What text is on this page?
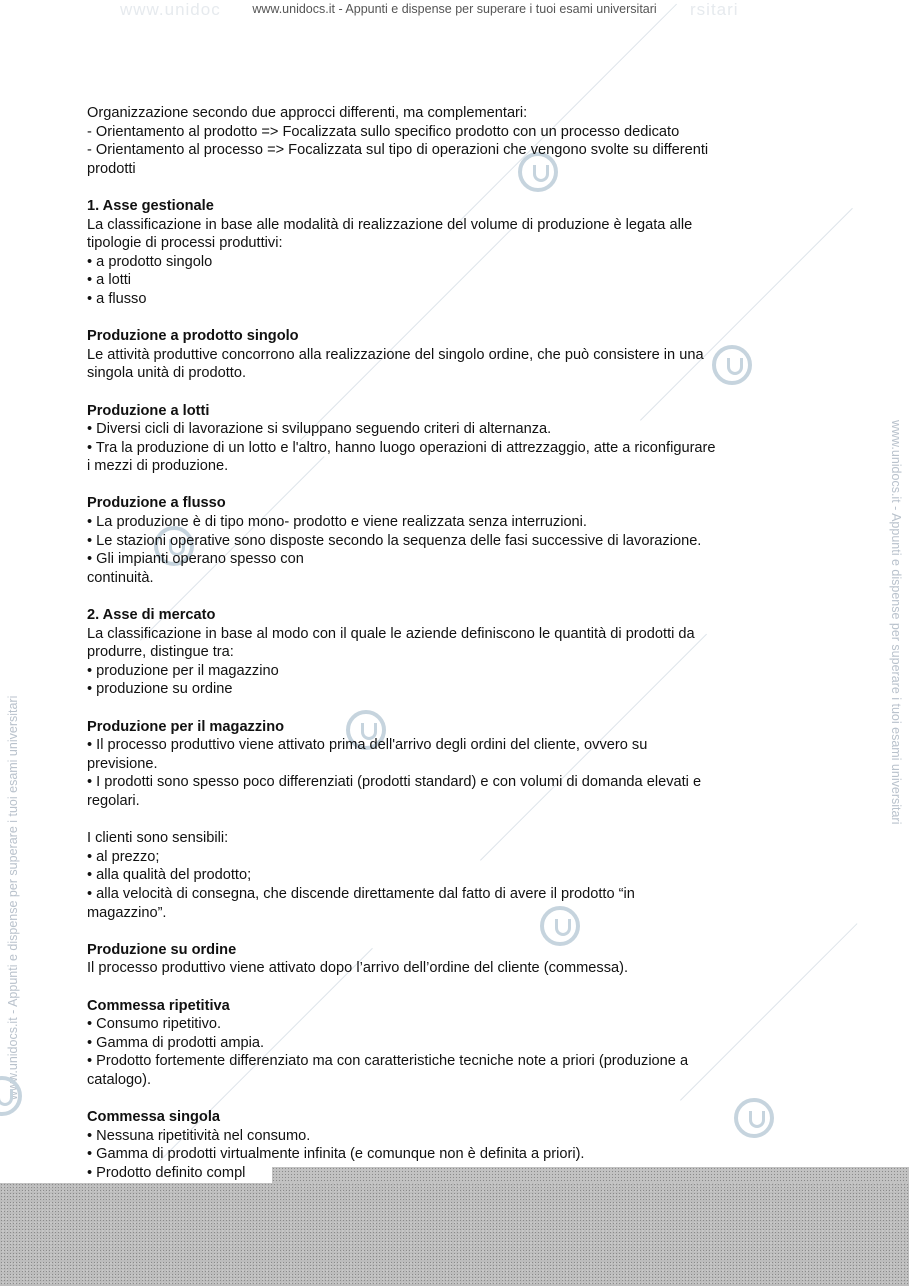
www.unidoc	rsitari
www.unidocs.it - Appunti e dispense per superare i tuoi esami universitari
www.unidocs.it - Appunti e dispense per superare i tuoi esami universitari
www.unidocs.it - Appunti e dispense per superare i tuoi esami universitari
Organizzazione secondo due approcci differenti, ma complementari:
- Orientamento al prodotto => Focalizzata sullo specifico prodotto con un processo dedicato
- Orientamento al processo => Focalizzata sul tipo di operazioni che vengono svolte su differenti
prodotti
1. Asse gestionale
La classificazione in base alle modalità di realizzazione del volume di produzione è legata alle
tipologie di processi produttivi:
• a prodotto singolo
• a lotti
• a flusso
Produzione a prodotto singolo
Le attività produttive concorrono alla realizzazione del singolo ordine, che può consistere in una
singola unità di prodotto.
Produzione a lotti
• Diversi cicli di lavorazione si sviluppano seguendo criteri di alternanza.
• Tra la produzione di un lotto e l'altro, hanno luogo operazioni di attrezzaggio, atte a riconfigurare
i mezzi di produzione.
Produzione a flusso
• La produzione è di tipo mono- prodotto e viene realizzata senza interruzioni.
• Le stazioni operative sono disposte secondo la sequenza delle fasi successive di lavorazione.
• Gli impianti operano spesso con
continuità.
2. Asse di mercato
La classificazione in base al modo con il quale le aziende definiscono le quantità di prodotti da
produrre, distingue tra:
• produzione per il magazzino
• produzione su ordine
Produzione per il magazzino
• Il processo produttivo viene attivato prima dell'arrivo degli ordini del cliente, ovvero su
previsione.
• I prodotti sono spesso poco differenziati (prodotti standard) e con volumi di domanda elevati e
regolari.
I clienti sono sensibili:
• al prezzo;
• alla qualità del prodotto;
• alla velocità di consegna, che discende direttamente dal fatto di avere il prodotto “in
magazzino”.
Produzione su ordine
Il processo produttivo viene attivato dopo l’arrivo dell’ordine del cliente (commessa).
Commessa ripetitiva
• Consumo ripetitivo.
• Gamma di prodotti ampia.
• Prodotto fortemente differenziato ma con caratteristiche tecniche note a priori (produzione a
catalogo).
Commessa singola
• Nessuna ripetitività nel consumo.
• Gamma di prodotti virtualmente infinita (e comunque non è definita a priori).
• Prodotto definito compl
